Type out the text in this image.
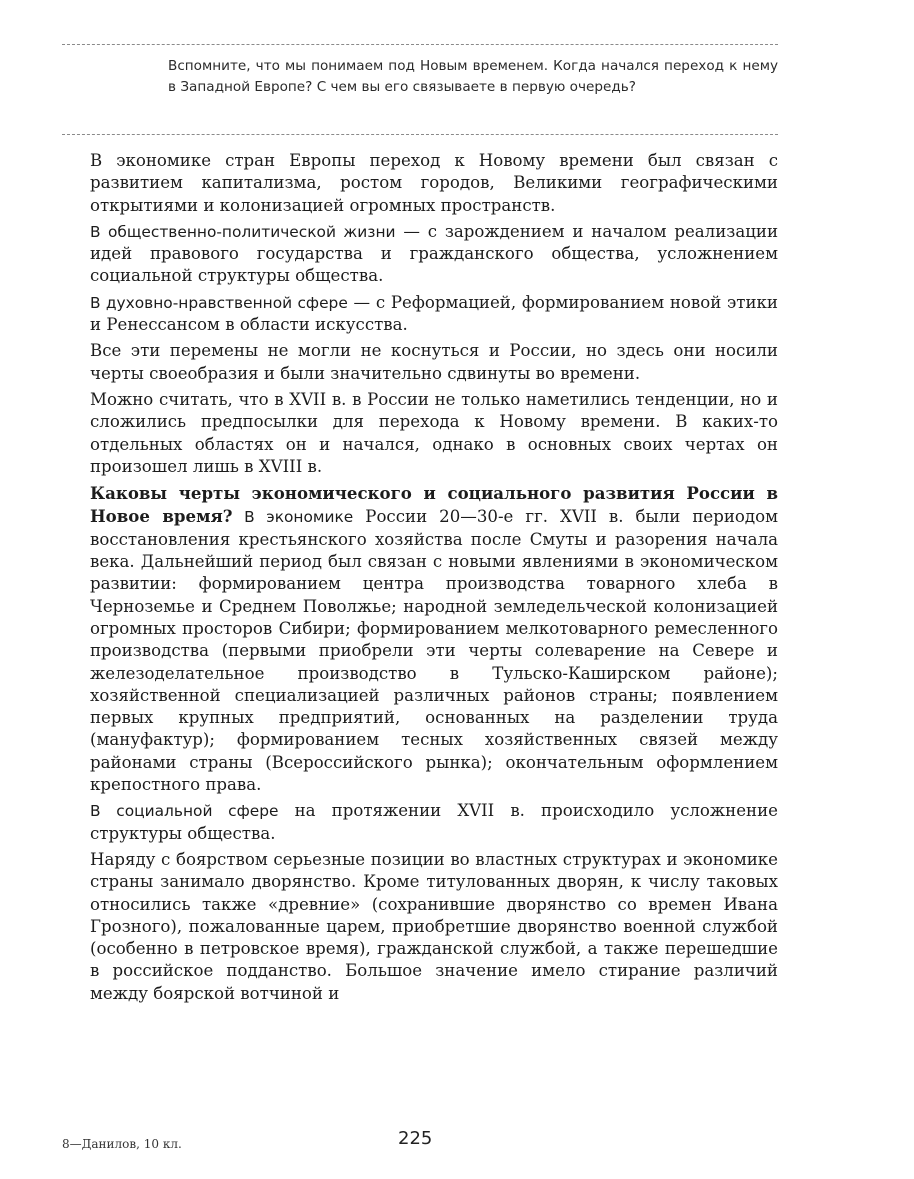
Вспомните, что мы понимаем под Новым временем. Когда начался переход к нему в Западной Европе? С чем вы его связываете в первую очередь?

В экономике стран Европы переход к Новому времени был связан с развитием капитализма, ростом городов, Великими географическими открытиями и колонизацией огромных пространств.

В общественно-политической жизни — с зарождением и началом реализации идей правового государства и гражданского общества, усложнением социальной структуры общества.

В духовно-нравственной сфере — с Реформацией, формированием новой этики и Ренессансом в области искусства.

Все эти перемены не могли не коснуться и России, но здесь они носили черты своеобразия и были значительно сдвинуты во времени.

Можно считать, что в XVII в. в России не только наметились тенденции, но и сложились предпосылки для перехода к Новому времени. В каких-то отдельных областях он и начался, однако в основных своих чертах он произошел лишь в XVIII в.

Каковы черты экономического и социального развития России в Новое время? В экономике России 20—30-е гг. XVII в. были периодом восстановления крестьянского хозяйства после Смуты и разорения начала века. Дальнейший период был связан с новыми явлениями в экономическом развитии: формированием центра производства товарного хлеба в Черноземье и Среднем Поволжье; народной земледельческой колонизацией огромных просторов Сибири; формированием мелкотоварного ремесленного производства (первыми приобрели эти черты солеварение на Севере и железоделательное производство в Тульско-Каширском районе); хозяйственной специализацией различных районов страны; появлением первых крупных предприятий, основанных на разделении труда (мануфактур); формированием тесных хозяйственных связей между районами страны (Всероссийского рынка); окончательным оформлением крепостного права.

В социальной сфере на протяжении XVII в. происходило усложнение структуры общества.

Наряду с боярством серьезные позиции во властных структурах и экономике страны занимало дворянство. Кроме титулованных дворян, к числу таковых относились также «древние» (сохранившие дворянство со времен Ивана Грозного), пожалованные царем, приобретшие дворянство военной службой (особенно в петровское время), гражданской службой, а также перешедшие в российское подданство. Большое значение имело стирание различий между боярской вотчиной и

8—Данилов, 10 кл.	225
